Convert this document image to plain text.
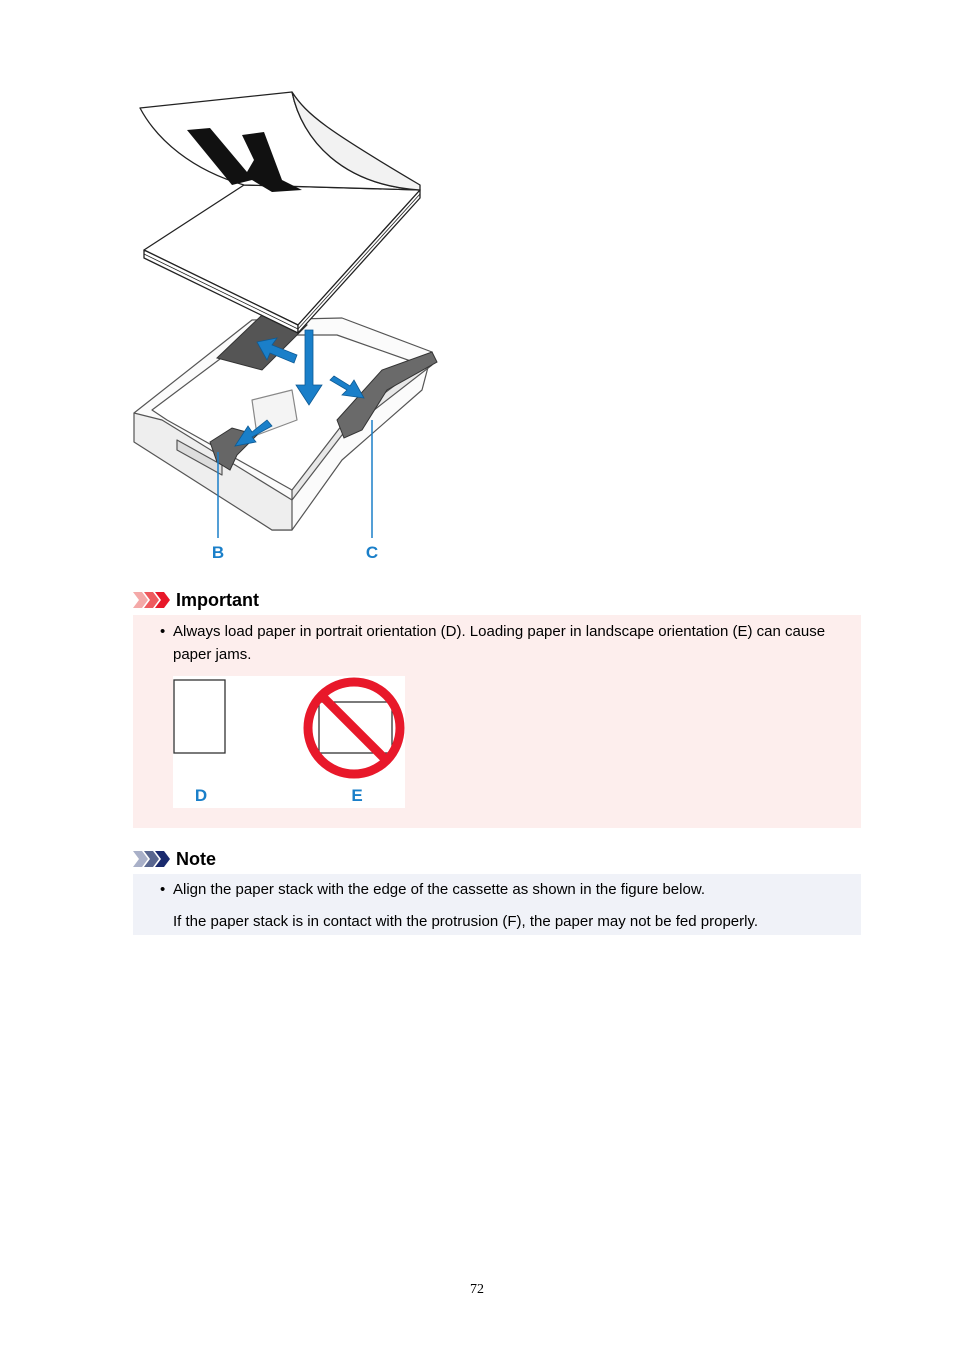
B	C
Important
• Always load paper in portrait orientation (D). Loading paper in landscape orientation (E) can cause paper jams.
D	E
Note
• Align the paper stack with the edge of the cassette as shown in the figure below.
If the paper stack is in contact with the protrusion (F), the paper may not be fed properly.
72
